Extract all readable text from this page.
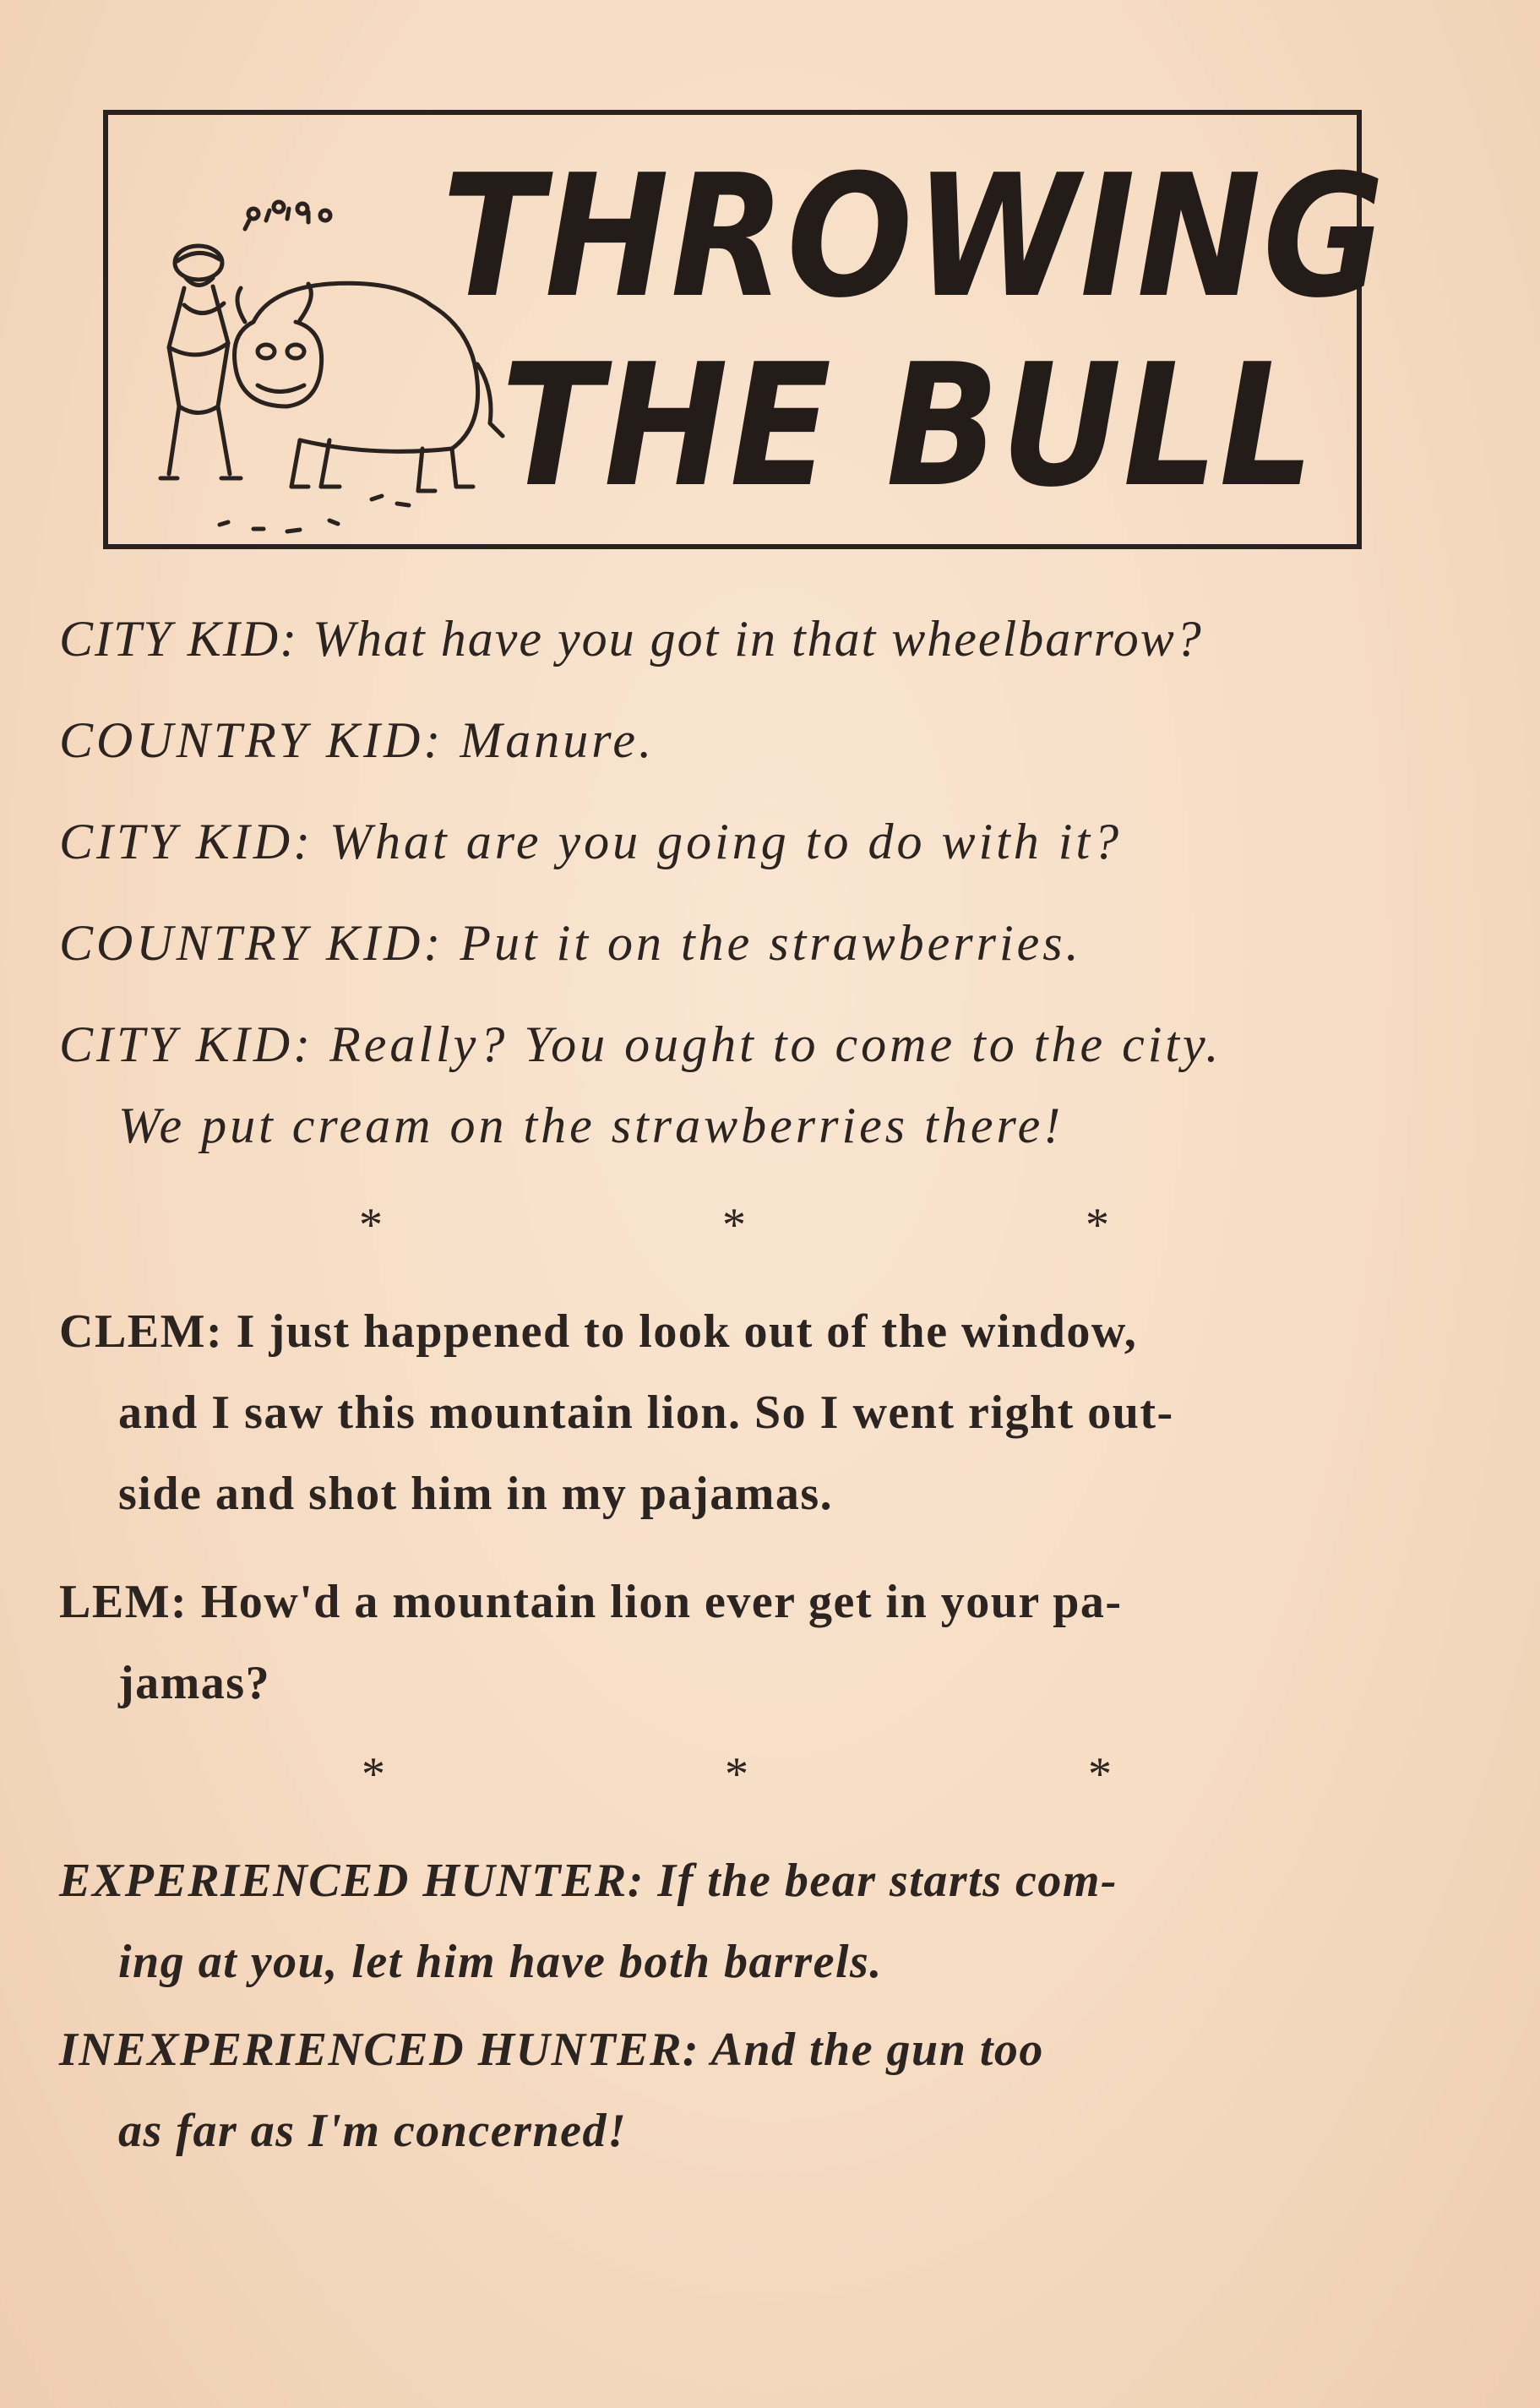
THROWING
THE BULL
CITY KID: What have you got in that wheelbarrow?
COUNTRY KID: Manure.
CITY KID: What are you going to do with it?
COUNTRY KID: Put it on the strawberries.
CITY KID: Really? You ought to come to the city.
We put cream on the strawberries there!
*	*	*
CLEM: I just happened to look out of the window,
and I saw this mountain lion. So I went right out-
side and shot him in my pajamas.
LEM: How'd a mountain lion ever get in your pa-
jamas?
*	*	*
EXPERIENCED HUNTER: If the bear starts com-
ing at you, let him have both barrels.
INEXPERIENCED HUNTER: And the gun too
as far as I'm concerned!
